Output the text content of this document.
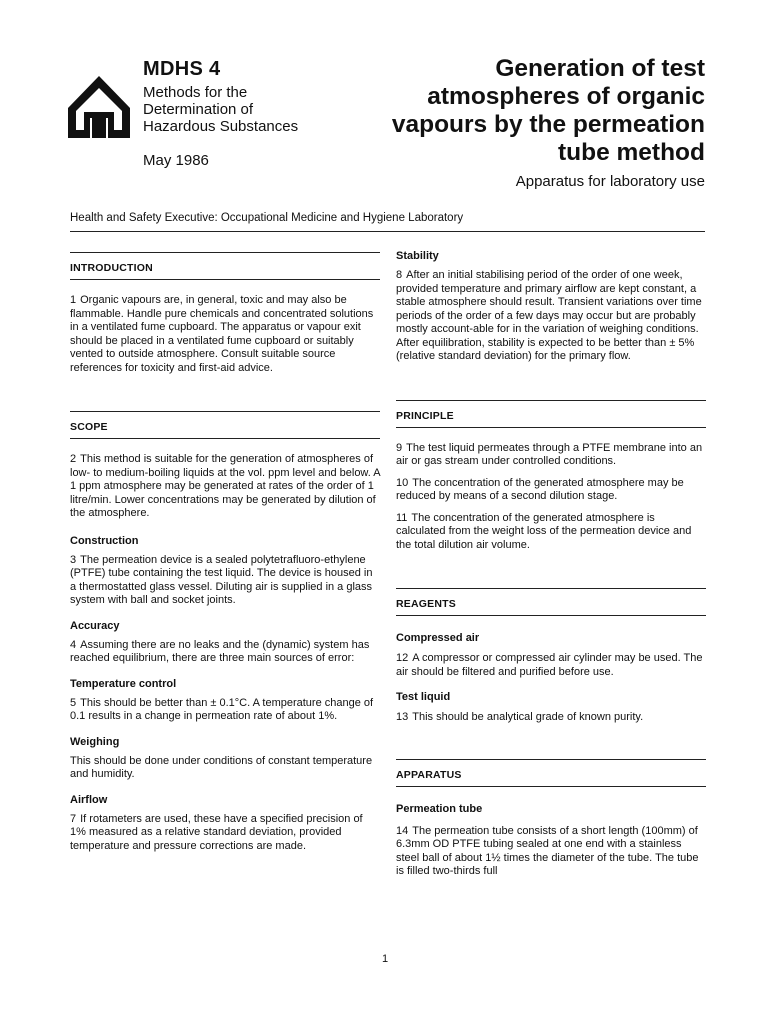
MDHS 4
Methods for the
Determination of
Hazardous Substances
May 1986
Generation of test
atmospheres of organic
vapours by the permeation
tube method
Apparatus for laboratory use
Health and Safety Executive: Occupational Medicine and Hygiene Laboratory
INTRODUCTION

1 Organic vapours are, in general, toxic and may also be flammable. Handle pure chemicals and concentrated solutions in a ventilated fume cupboard. The apparatus or vapour exit should be placed in a ventilated fume cupboard or suitably vented to outside atmosphere. Consult suitable source references for toxicity and first-aid advice.

SCOPE

2 This method is suitable for the generation of atmospheres of low- to medium-boiling liquids at the vol. ppm level and below. A 1 ppm atmosphere may be generated at rates of the order of 1 litre/min. Lower concentrations may be generated by dilution of the atmosphere.

Construction

3 The permeation device is a sealed polytetrafluoro-ethylene (PTFE) tube containing the test liquid. The device is housed in a thermostatted glass vessel. Diluting air is supplied in a glass system with ball and socket joints.

Accuracy

4 Assuming there are no leaks and the (dynamic) system has reached equilibrium, there are three main sources of error:

Temperature control

5 This should be better than ± 0.1°C. A temperature change of 0.1 results in a change in permeation rate of about 1%.

Weighing

This should be done under conditions of constant temperature and humidity.

Airflow

7 If rotameters are used, these have a specified precision of 1% measured as a relative standard deviation, provided temperature and pressure corrections are made.

Stability

8 After an initial stabilising period of the order of one week, provided temperature and primary airflow are kept constant, a stable atmosphere should result. Transient variations over time periods of the order of a few days may occur but are probably mostly account-able for in the variation of weighing conditions. After equilibration, stability is expected to be better than ± 5% (relative standard deviation) for the primary flow.

PRINCIPLE

9 The test liquid permeates through a PTFE membrane into an air or gas stream under controlled conditions.

10 The concentration of the generated atmosphere may be reduced by means of a second dilution stage.

11 The concentration of the generated atmosphere is calculated from the weight loss of the permeation device and the total dilution air volume.

REAGENTS
Compressed air

12 A compressor or compressed air cylinder may be used. The air should be filtered and purified before use.

Test liquid

13 This should be analytical grade of known purity.

APPARATUS
Permeation tube

14 The permeation tube consists of a short length (100mm) of 6.3mm OD PTFE tubing sealed at one end with a stainless steel ball of about 1½ times the diameter of the tube. The tube is filled two-thirds full

1
